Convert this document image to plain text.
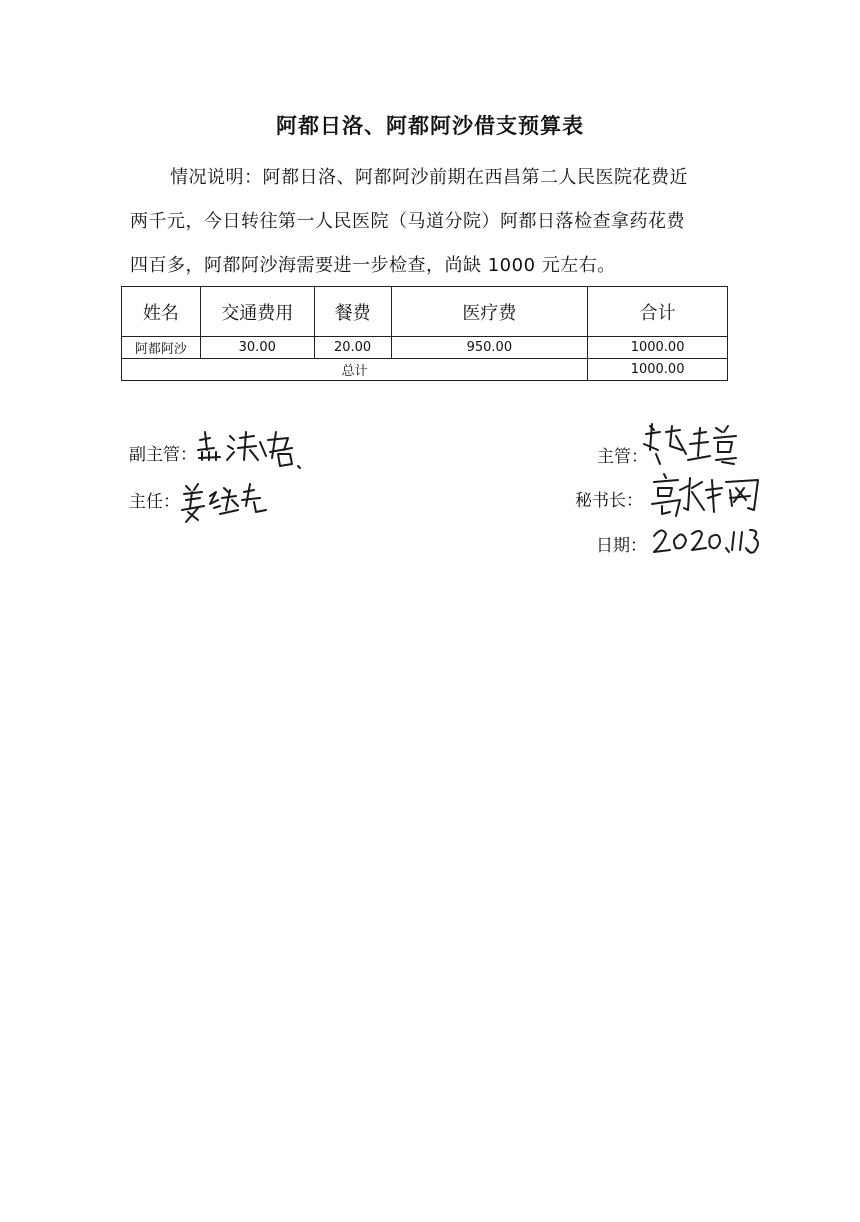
阿都日洛、阿都阿沙借支预算表
情况说明：阿都日洛、阿都阿沙前期在西昌第二人民医院花费近
两千元，今日转往第一人民医院（马道分院）阿都日落检查拿药花费
四百多，阿都阿沙海需要进一步检查，尚缺 1000 元左右。
姓名	交通费用	餐费	医疗费	合计
阿都阿沙	30.00	20.00	950.00	1000.00
总计				1000.00
副主管：
主任：
主管：
秘书长：
日期：
